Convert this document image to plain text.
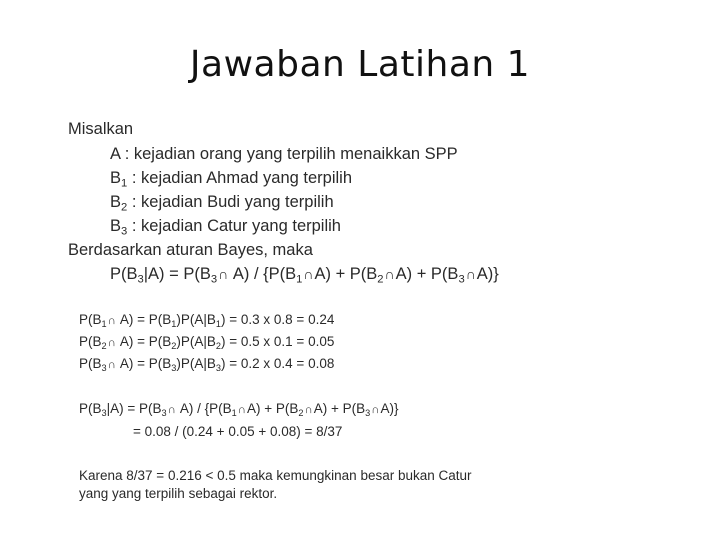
Jawaban Latihan 1
Misalkan
A : kejadian orang yang terpilih menaikkan SPP
$B_1$ : kejadian Ahmad yang terpilih
$B_2$ : kejadian Budi yang terpilih
$B_3$ : kejadian Catur yang terpilih
Berdasarkan aturan Bayes, maka
$P(B_3|A)$ = $P(B_3\cap$ $A) / \{P(B_1\cap A)$ + $P(B_2\cap A)$ + $P(B_3\cap A)$}
$P(B_1\cap$ $A) = P(B_1)P(A|B_1) = 0.3$ x 0.8 = 0.24
$P(B_2\cap$ $A) = P(B_2)P(A|B_2) = 0.5$ x 0.1 = 0.05
$P(B_3\cap$ $A) = P(B_3)P(A|B_3) = 0.2$ x 0.4 = 0.08
$P(B_3|A)$ = $P(B_3\cap$ $A) / \{P(B_1\cap A)$ + $P(B_2\cap A)$ + $P(B_3\cap A)$}
= 0.08 / (0.24 + 0.05 + 0.08) = 8/37
Karena 8/37 = 0.216 < 0.5 maka kemungkinan besar bukan Catur
yang yang terpilih sebagai rektor.
